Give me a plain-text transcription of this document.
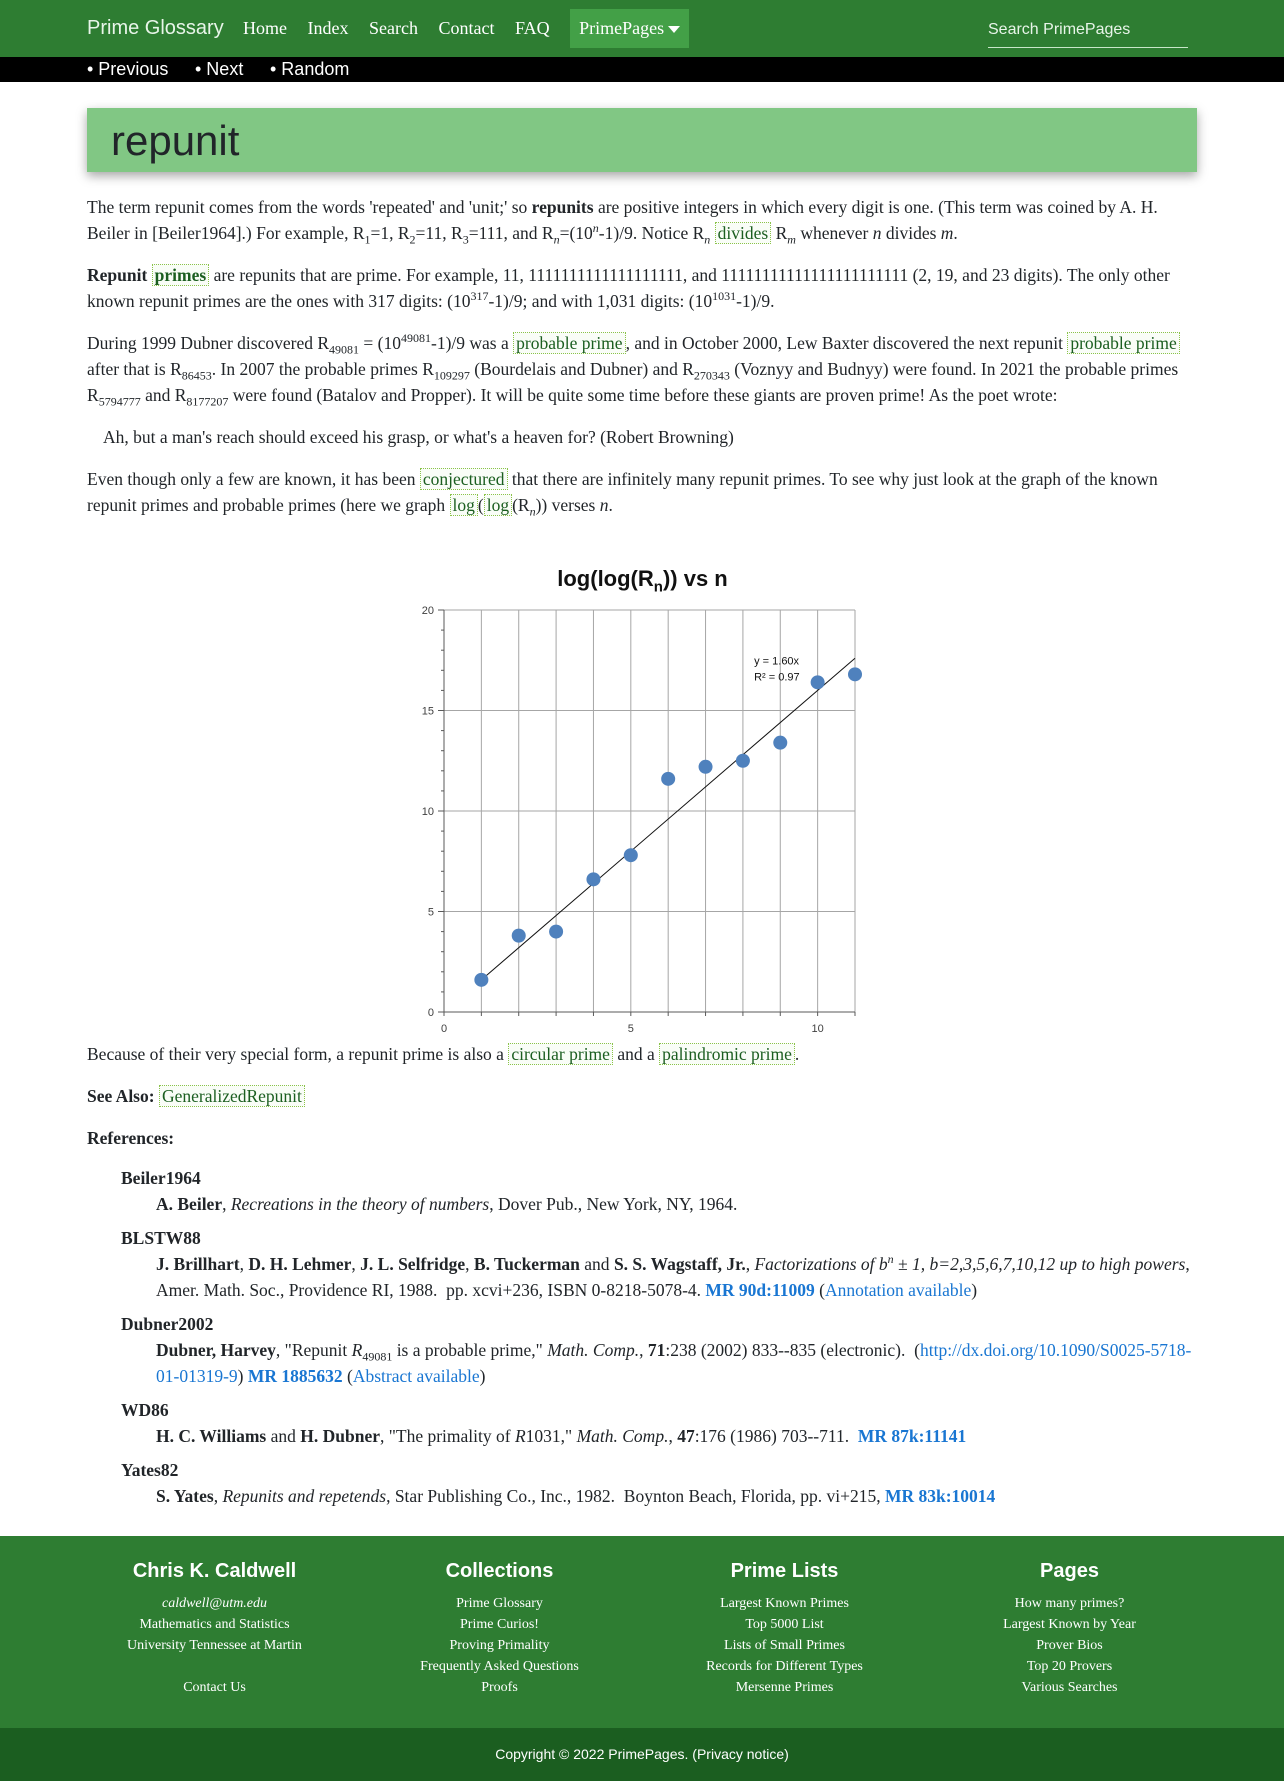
Prime Glossary Home Index Search Contact FAQ PrimePages
Search PrimePages
• Previous • Next • Random
repunit

The term repunit comes from the words 'repeated' and 'unit;' so repunits are positive integers in which every digit is one. (This term was coined by A. H. Beiler in [Beiler1964].) For example, $R_1=1$, $R_2=11$, $R_3=111$, and $R_n=(10^n-1)/9$. Notice $R_n$ divides $R_m$ whenever n divides m.

Repunit primes are repunits that are prime. For example, 11, 1111111111111111111, and 11111111111111111111111 (2, 19, and 23 digits). The only other known repunit primes are the ones with 317 digits: $(10^{317}-1)/9$; and with 1,031 digits: $(10^{1031}-1)/9$.

During 1999 Dubner discovered $R_{49081} = (10^{49081}-1)/9$ was a probable prime , and in October 2000, Lew Baxter discovered the next repunit probable prime after that is $R_{86453}$. In 2007 the probable primes $R_{109297}$ (Bourdelais and Dubner) and $R_{270343}$ (Voznyy and Budnyy) were found. In 2021 the probable primes $R_{5794777}$ and $R_{8177207}$ were found (Batalov and Propper). It will be quite some time before these giants are proven prime! As the poet wrote:

Ah, but a man's reach should exceed his grasp, or what's a heaven for? (Robert Browning)

Even though only a few are known, it has been conjectured that there are infinitely many repunit primes. To see why just look at the graph of the known repunit primes and probable primes (here we graph log ( $\log (R_n)$) verses n.

$\log(\log(R_n))$ vs n
0
5
10
15
20
0	5	10
y = 1.60x
R² = 0.97

Because of their very special form, a repunit prime is also a circular prime and a palindromic prime .

See Also: GeneralizedRepunit

References:

Beiler1964
A. Beiler, Recreations in the theory of numbers, Dover Pub., New York, NY, 1964.
BLSTW88
J. Brillhart, D. H. Lehmer, J. L. Selfridge, B. Tuckerman and S. S. Wagstaff, Jr., Factorizations of $b^n \pm 1$, b=2,3,5,6,7,10,12 up to high powers, Amer. Math. Soc., Providence RI, 1988.  pp. xcvi+236, ISBN 0-8218-5078-4. MR 90d:11009 (Annotation available)
Dubner2002
Dubner, Harvey, "Repunit $R_{49081}$ is a probable prime," Math. Comp., 71:238 (2002) 833--835 (electronic).  (http://dx.doi.org/10.1090/S0025-5718-01-01319-9) MR 1885632 (Abstract available)
WD86
H. C. Williams and H. Dubner, "The primality of R1031," Math. Comp., 47:176 (1986) 703--711.  MR 87k:11141
Yates82
S. Yates, Repunits and repetends, Star Publishing Co., Inc., 1982.  Boynton Beach, Florida, pp. vi+215, MR 83k:10014
Chris K. Caldwell
caldwell@utm.edu
Mathematics and Statistics
University Tennessee at Martin
Contact Us
Collections
Prime Glossary
Prime Curios!
Proving Primality
Frequently Asked Questions
Proofs
Prime Lists
Largest Known Primes
Top 5000 List
Lists of Small Primes
Records for Different Types
Mersenne Primes
Pages
How many primes?
Largest Known by Year
Prover Bios
Top 20 Provers
Various Searches
Copyright © 2022 PrimePages. (Privacy notice)
